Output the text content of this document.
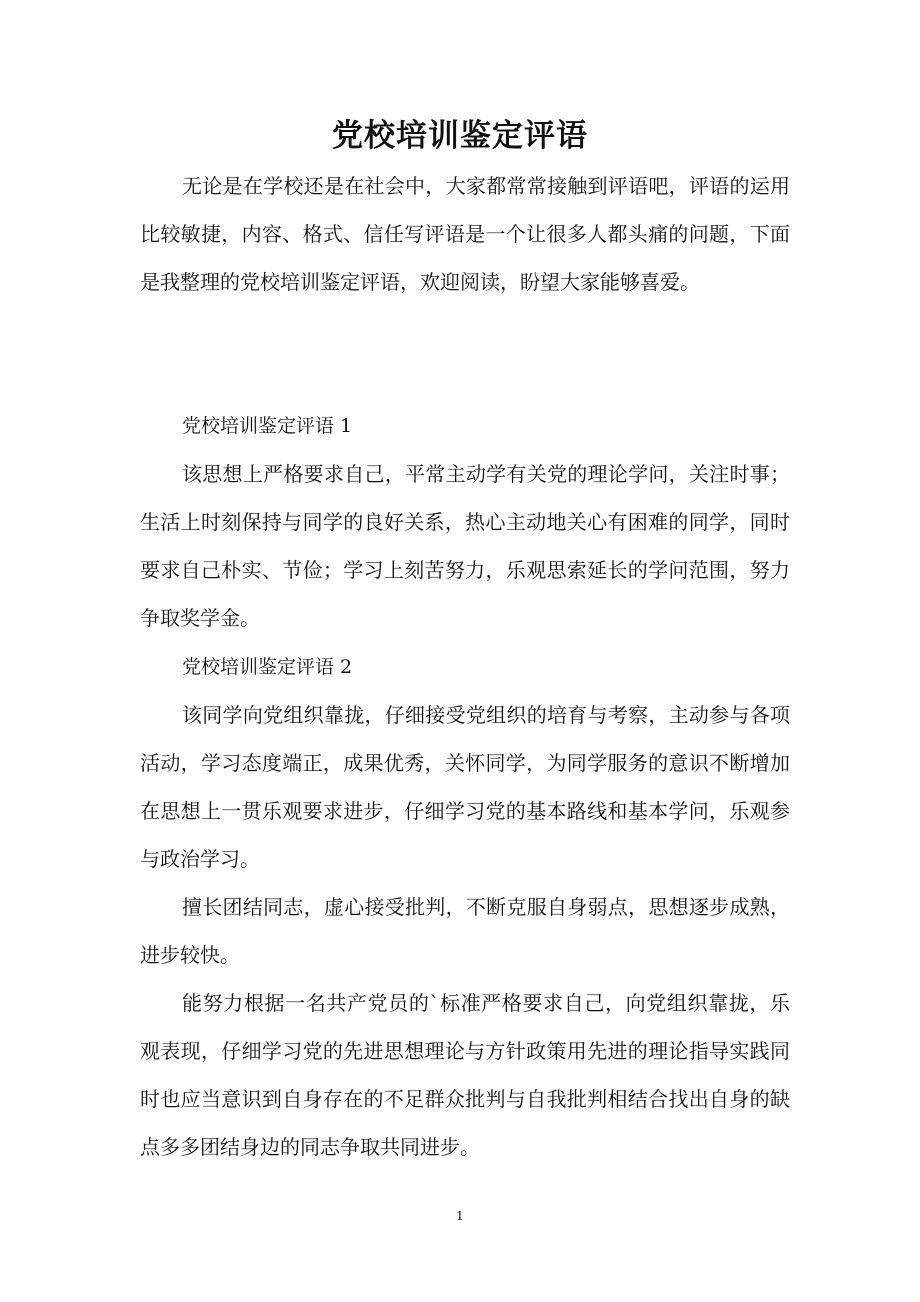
党校培训鉴定评语

无论是在学校还是在社会中，大家都常常接触到评语吧，评语的运用比较敏捷，内容、格式、信任写评语是一个让很多人都头痛的问题，下面是我整理的党校培训鉴定评语，欢迎阅读，盼望大家能够喜爱。

党校培训鉴定评语 1

该思想上严格要求自己，平常主动学有关党的理论学问，关注时事；生活上时刻保持与同学的良好关系，热心主动地关心有困难的同学，同时要求自己朴实、节俭；学习上刻苦努力，乐观思索延长的学问范围，努力争取奖学金。

党校培训鉴定评语 2

该同学向党组织靠拢，仔细接受党组织的培育与考察，主动参与各项活动，学习态度端正，成果优秀，关怀同学，为同学服务的意识不断增加在思想上一贯乐观要求进步，仔细学习党的基本路线和基本学问，乐观参与政治学习。

擅长团结同志，虚心接受批判，不断克服自身弱点，思想逐步成熟，进步较快。

能努力根据一名共产党员的`标准严格要求自己，向党组织靠拢，乐观表现，仔细学习党的先进思想理论与方针政策用先进的理论指导实践同时也应当意识到自身存在的不足群众批判与自我批判相结合找出自身的缺点多多团结身边的同志争取共同进步。

1
